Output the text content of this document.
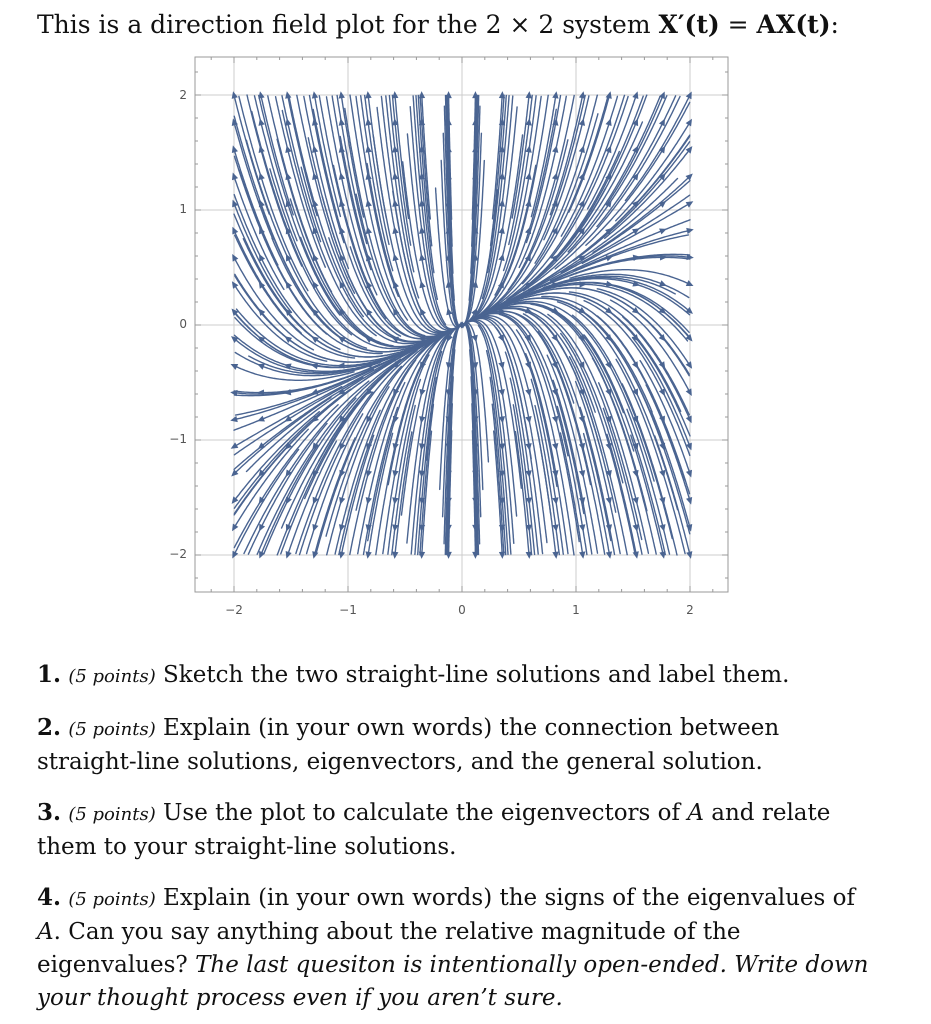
This is a direction field plot for the 2 × 2 system X′(t) = AX(t):
2
1
0
−1
−2
−2	−1	0	1	2
1. (5 points) Sketch the two straight-line solutions and label them.
2. (5 points) Explain (in your own words) the connection between straight-line solutions, eigenvectors, and the general solution.
3. (5 points) Use the plot to calculate the eigenvectors of A and relate them to your straight-line solutions.
4. (5 points) Explain (in your own words) the signs of the eigenvalues of A. Can you say anything about the relative magnitude of the eigenvalues? The last quesiton is intentionally open-ended. Write down your thought process even if you aren’t sure.
